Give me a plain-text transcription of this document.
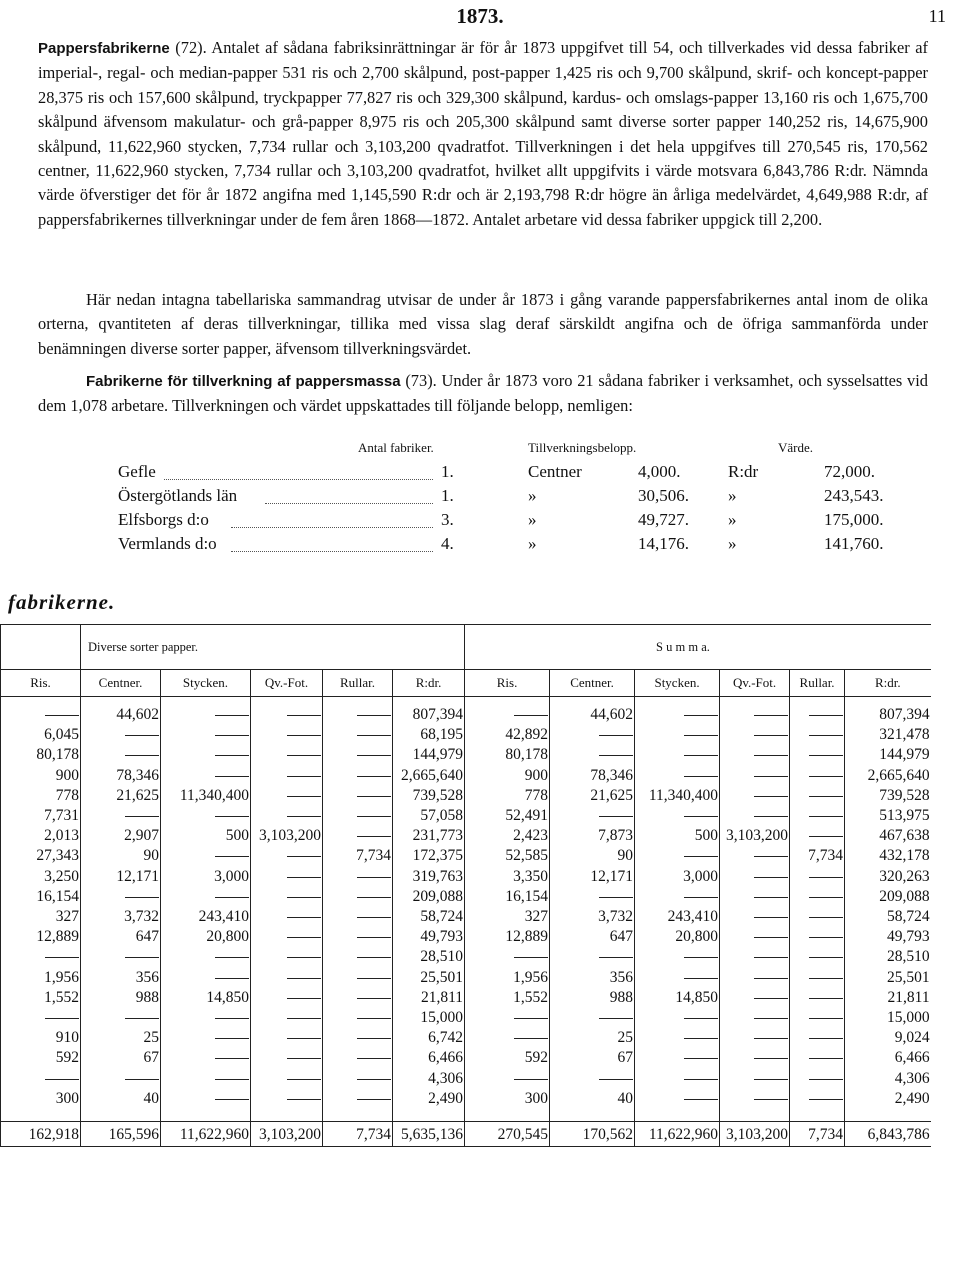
1873.	11
Pappersfabrikerne (72). Antalet af sådana fabriksinrättningar är för år 1873 uppgifvet till 54, och tillverkades vid dessa fabriker af imperial-, regal- och median-papper 531 ris och 2,700 skålpund, post-papper 1,425 ris och 9,700 skålpund, skrif- och koncept-papper 28,375 ris och 157,600 skålpund, tryckpapper 77,827 ris och 329,300 skålpund, kardus- och omslags-papper 13,160 ris och 1,675,700 skålpund äfvensom makulatur- och grå-papper 8,975 ris och 205,300 skålpund samt diverse sorter papper 140,252 ris, 14,675,900 skålpund, 11,622,960 stycken, 7,734 rullar och 3,103,200 qvadratfot. Tillverkningen i det hela uppgifves till 270,545 ris, 170,562 centner, 11,622,960 stycken, 7,734 rullar och 3,103,200 qvadratfot, hvilket allt uppgifvits i värde motsvara 6,843,786 R:dr. Nämnda värde öfverstiger det för år 1872 angifna med 1,145,590 R:dr och är 2,193,798 R:dr högre än årliga medelvärdet, 4,649,988 R:dr, af pappersfabrikernes tillverkningar under de fem åren 1868—1872. Antalet arbetare vid dessa fabriker uppgick till 2,200.
Här nedan intagna tabellariska sammandrag utvisar de under år 1873 i gång varande pappersfabrikernes antal inom de olika orterna, qvantiteten af deras tillverkningar, tillika med vissa slag deraf särskildt angifna och de öfriga sammanförda under benämningen diverse sorter papper, äfvensom tillverkningsvärdet.
Fabrikerne för tillverkning af pappersmassa (73). Under år 1873 voro 21 sådana fabriker i verksamhet, och sysselsattes vid dem 1,078 arbetare. Tillverkningen och värdet uppskattades till följande belopp, nemligen:
Antal fabriker.	Tillverkningsbelopp.	Värde.
Gefle	1.	Centner	4,000.	R:dr	72,000.
Östergötlands län	1.	»	30,506. »	243,543.
Elfsborgs d:o	3.	»	49,727. »	175,000.
Vermlands d:o	4.	»	14,176. »	141,760.
fabrikerne.
	Diverse sorter papper.					S u m m a.					
Ris.	Centner.	Stycken.	Qv.-Fot.	Rullar.	R:dr.	Ris.	Centner.	Stycken.	Qv.-Fot.	Rullar.	R:dr.
	44,602				807,394		44,602				807,394
6,045					68,195	42,892					321,478
80,178					144,979	80,178					144,979
900	78,346				2,665,640	900	78,346				2,665,640
778	21,625	11,340,400			739,528	778	21,625	11,340,400			739,528
7,731					57,058	52,491					513,975
2,013	2,907	500	3,103,200		231,773	2,423	7,873	500	3,103,200		467,638
27,343	90			7,734	172,375	52,585	90			7,734	432,178
3,250	12,171	3,000			319,763	3,350	12,171	3,000			320,263
16,154					209,088	16,154					209,088
327	3,732	243,410			58,724	327	3,732	243,410			58,724
12,889	647	20,800			49,793	12,889	647	20,800			49,793
					28,510						28,510
1,956	356				25,501	1,956	356				25,501
1,552	988	14,850			21,811	1,552	988	14,850			21,811
					15,000						15,000
910	25				6,742		25				9,024
592	67				6,466	592	67				6,466
					4,306						4,306
300	40				2,490	300	40				2,490

162,918	165,596	11,622,960	3,103,200	7,734	5,635,136	270,545	170,562	11,622,960	3,103,200	7,734	6,843,786
